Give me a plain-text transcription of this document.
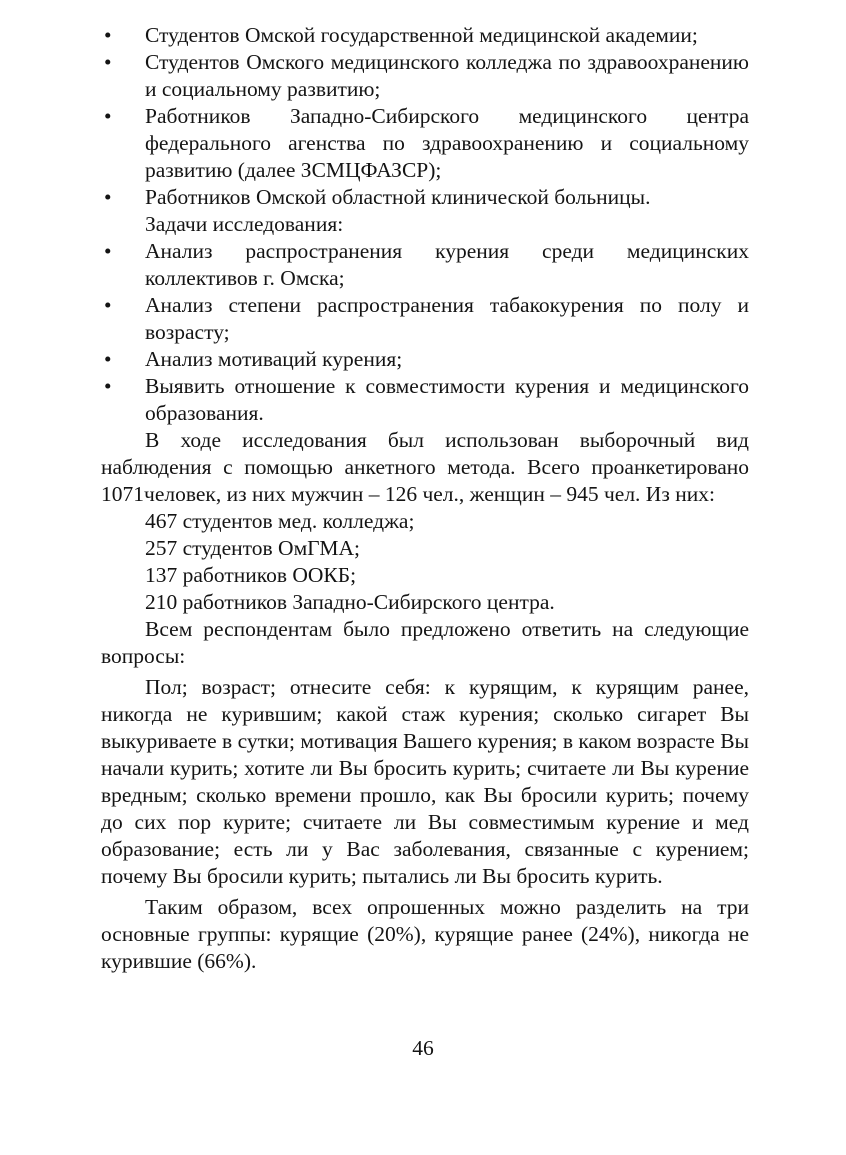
•	Студентов Омской государственной медицинской академии;
•	Студентов Омского медицинского колледжа по здравоохранению и социальному развитию;
•	Работников Западно-Сибирского медицинского центра федерального агенства по здравоохранению и социальному развитию (далее ЗСМЦФАЗСР);
•	Работников Омской областной клинической больницы.

Задачи исследования:

•	Анализ распространения курения среди медицинских коллективов г. Омска;
•	Анализ степени распространения табакокурения по полу и возрасту;
•	Анализ мотиваций курения;
•	Выявить отношение к совместимости курения и медицинского образования.

В ходе исследования был использован выборочный вид наблюдения с помощью анкетного метода. Всего проанкетировано 1071человек, из них мужчин – 126 чел., женщин – 945 чел. Из них:

467 студентов мед. колледжа;

257 студентов ОмГМА;

137 работников ООКБ;

210 работников Западно-Сибирского центра.

Всем респондентам было предложено ответить на следующие вопросы:

Пол; возраст; отнесите себя: к курящим, к курящим ранее, никогда не курившим; какой стаж курения; сколько сигарет Вы выкуриваете в сутки; мотивация Вашего курения; в каком возрасте Вы начали курить; хотите ли Вы бросить курить; считаете ли Вы курение вредным; сколько времени прошло, как Вы бросили курить; почему до сих пор курите; считаете ли Вы совместимым курение и мед образование; есть ли у Вас заболевания, связанные с курением; почему Вы бросили курить; пытались ли Вы бросить курить.

Таким образом, всех опрошенных можно разделить на три основные группы: курящие (20%), курящие ранее (24%), никогда не курившие (66%).

46
